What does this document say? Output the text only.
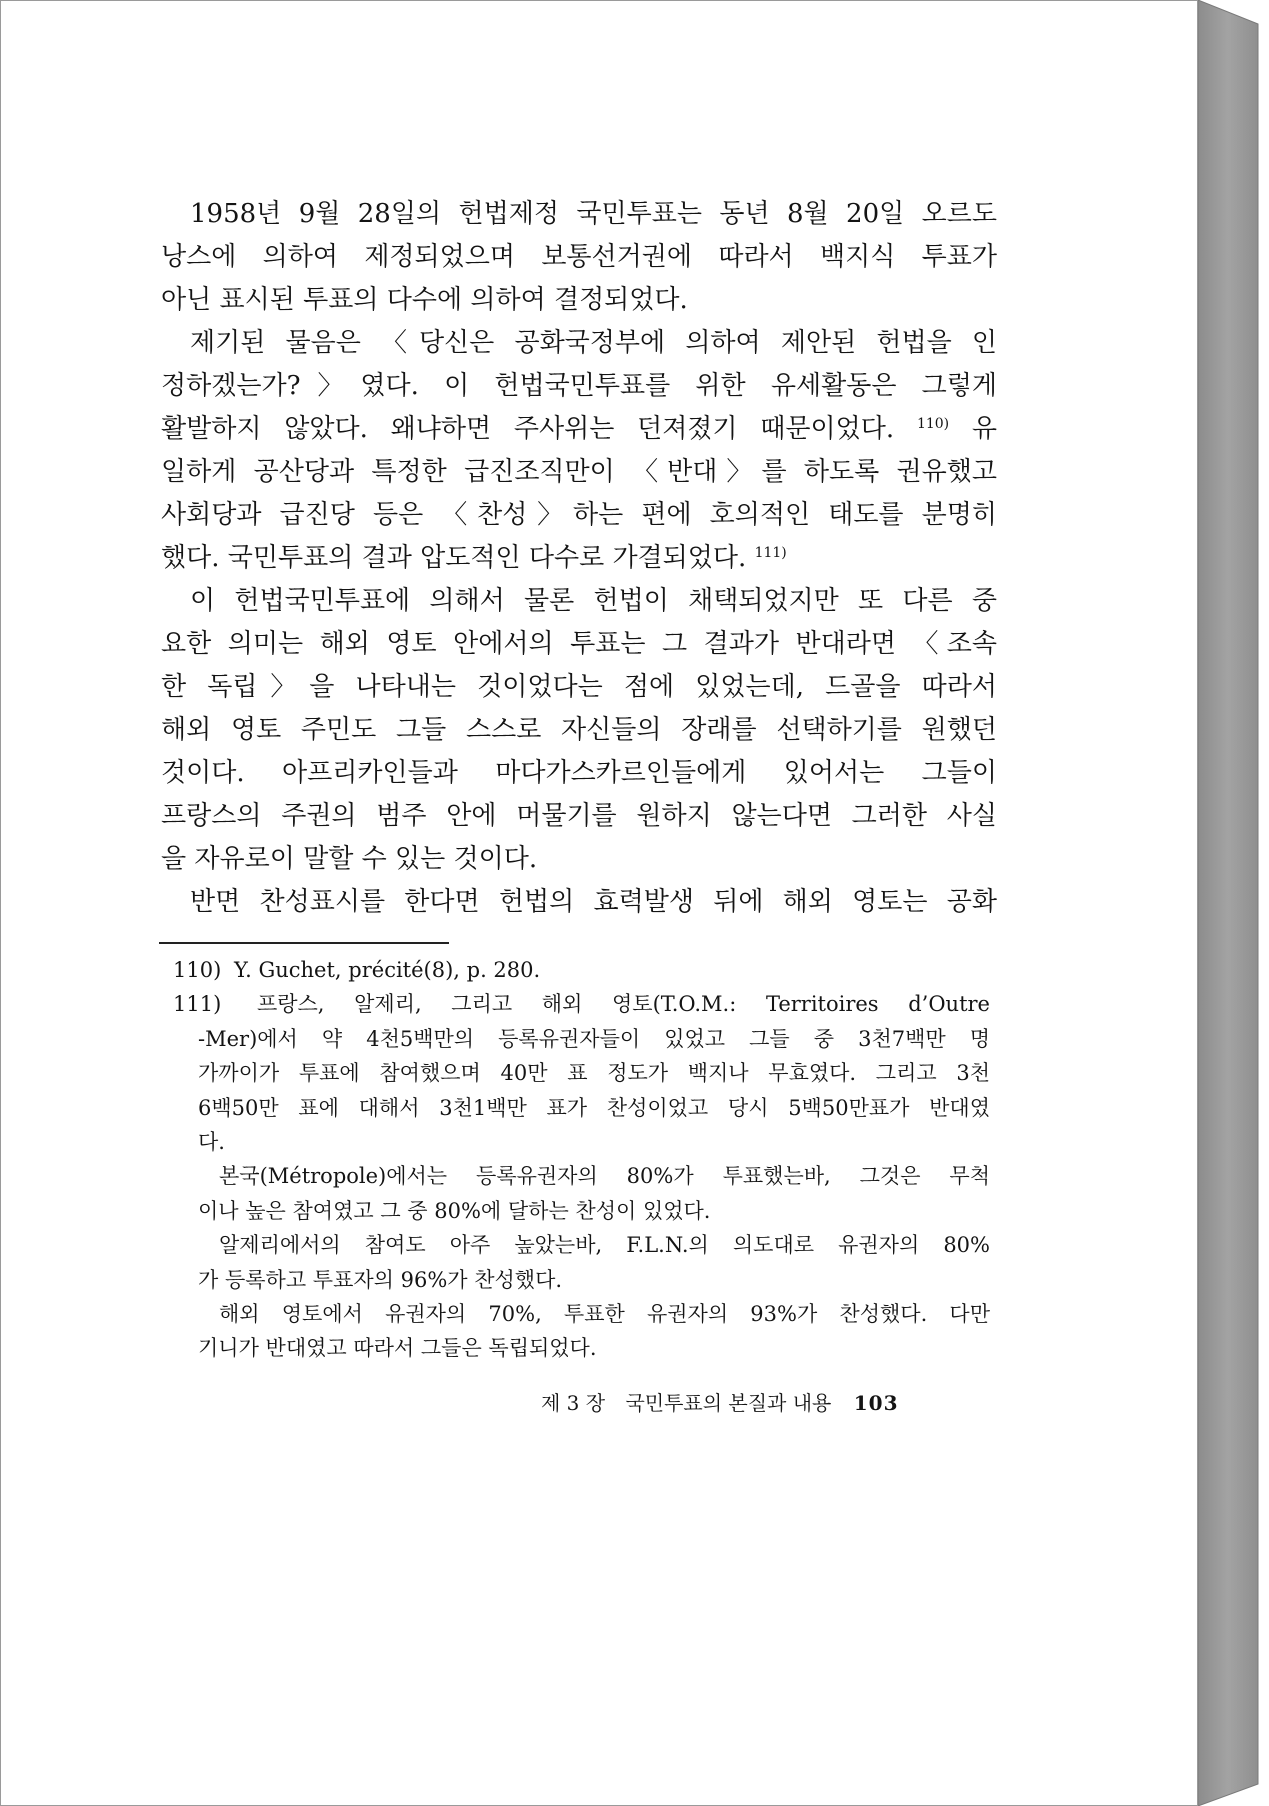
1958년 9월 28일의 헌법제정 국민투표는 동년 8월 20일 오르도
낭스에 의하여 제정되었으며 보통선거권에 따라서 백지식 투표가
아닌 표시된 투표의 다수에 의하여 결정되었다.
제기된 물음은 〈당신은 공화국정부에 의하여 제안된 헌법을 인
정하겠는가?〉였다. 이 헌법국민투표를 위한 유세활동은 그렇게
활발하지 않았다. 왜냐하면 주사위는 던져졌기 때문이었다. $^{110)}$ 유
일하게 공산당과 특정한 급진조직만이 〈반대〉를 하도록 권유했고
사회당과 급진당 등은 〈찬성〉하는 편에 호의적인 태도를 분명히
했다. 국민투표의 결과 압도적인 다수로 가결되었다. $^{111)}$
이 헌법국민투표에 의해서 물론 헌법이 채택되었지만 또 다른 중
요한 의미는 해외 영토 안에서의 투표는 그 결과가 반대라면 〈조속
한 독립〉을 나타내는 것이었다는 점에 있었는데, 드골을 따라서
해외 영토 주민도 그들 스스로 자신들의 장래를 선택하기를 원했던
것이다. 아프리카인들과 마다가스카르인들에게 있어서는 그들이
프랑스의 주권의 범주 안에 머물기를 원하지 않는다면 그러한 사실
을 자유로이 말할 수 있는 것이다.
반면 찬성표시를 한다면 헌법의 효력발생 뒤에 해외 영토는 공화
110) Y. Guchet, précité(8), p. 280.
111) 프랑스, 알제리, 그리고 해외 영토(T.O.M.: Territoires d’Outre
-Mer)에서 약 4천5백만의 등록유권자들이 있었고 그들 중 3천7백만 명
가까이가 투표에 참여했으며 40만 표 정도가 백지나 무효였다. 그리고 3천
6백50만 표에 대해서 3천1백만 표가 찬성이었고 당시 5백50만표가 반대였
다.
본국(Métropole)에서는 등록유권자의 80%가 투표했는바, 그것은 무척
이나 높은 참여였고 그 중 80%에 달하는 찬성이 있었다.
알제리에서의 참여도 아주 높았는바, F.L.N.의 의도대로 유권자의 80%
가 등록하고 투표자의 96%가 찬성했다.
해외 영토에서 유권자의 70%, 투표한 유권자의 93%가 찬성했다. 다만
기니가 반대였고 따라서 그들은 독립되었다.
제 3 장 국민투표의 본질과 내용 103
